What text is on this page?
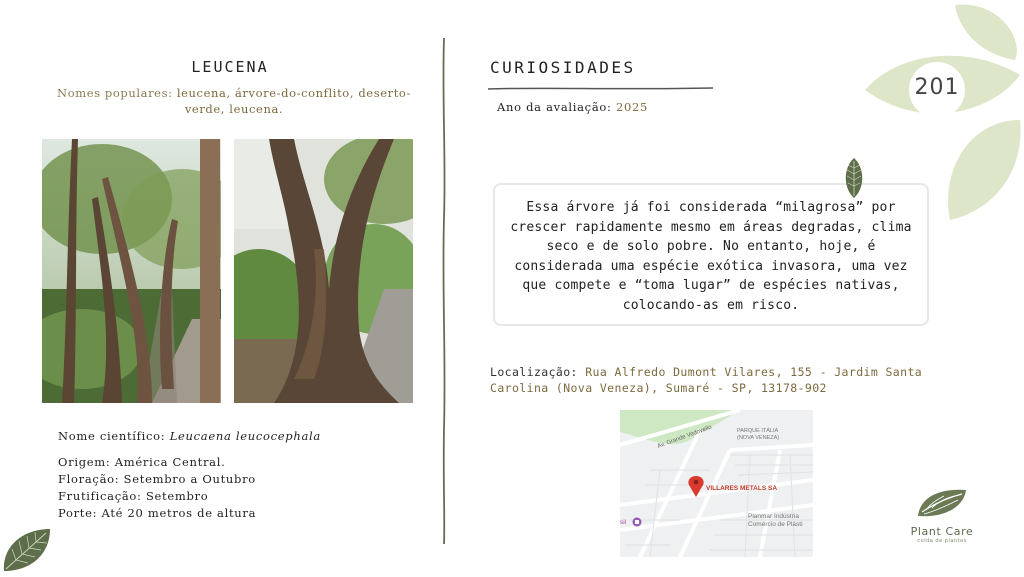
LEUCENA
Nomes populares: leucena, árvore-do-conflito, deserto-verde, leucena.
Nome científico: Leucaena leucocephala
Origem: América Central.
Floração: Setembro a Outubro
Frutificação: Setembro
Porte: Até 20 metros de altura
CURIOSIDADES
Ano da avaliação: 2025
Essa árvore já foi considerada “milagrosa” por crescer rapidamente mesmo em áreas degradas, clima seco e de solo pobre. No entanto, hoje, é considerada uma espécie exótica invasora, uma vez que compete e “toma lugar” de espécies nativas, colocando-as em risco.
Localização: Rua Alfredo Dumont Vilares, 155 - Jardim Santa Carolina (Nova Veneza), Sumaré - SP, 13178-902
Av. Grande Vedovello	PARQUE ITÁLIA
(NOVA VENEZA)
VILLARES METALS SA
Planmar Indústria
Comércio de Plásti
sil
201
Plant Care
cuida de plantas
